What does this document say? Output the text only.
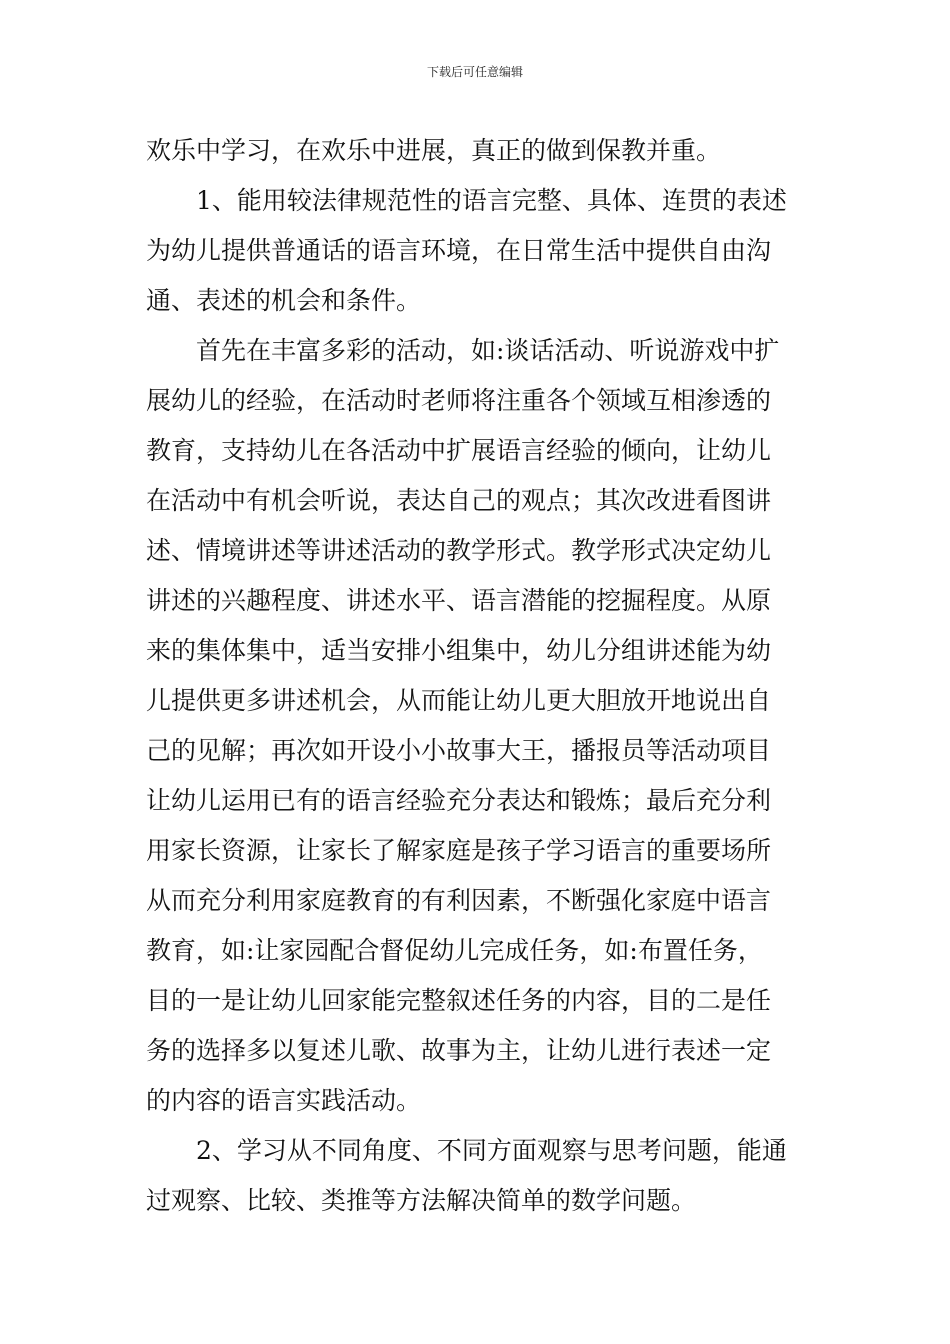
下载后可任意编辑
欢乐中学习，在欢乐中进展，真正的做到保教并重。
1、能用较法律规范性的语言完整、具体、连贯的表述
为幼儿提供普通话的语言环境，在日常生活中提供自由沟
通、表述的机会和条件。
首先在丰富多彩的活动，如:谈话活动、听说游戏中扩
展幼儿的经验，在活动时老师将注重各个领域互相渗透的
教育，支持幼儿在各活动中扩展语言经验的倾向，让幼儿
在活动中有机会听说，表达自己的观点；其次改进看图讲
述、情境讲述等讲述活动的教学形式。教学形式决定幼儿
讲述的兴趣程度、讲述水平、语言潜能的挖掘程度。从原
来的集体集中，适当安排小组集中，幼儿分组讲述能为幼
儿提供更多讲述机会，从而能让幼儿更大胆放开地说出自
己的见解；再次如开设小小故事大王，播报员等活动项目
让幼儿运用已有的语言经验充分表达和锻炼；最后充分利
用家长资源，让家长了解家庭是孩子学习语言的重要场所
从而充分利用家庭教育的有利因素，不断强化家庭中语言
教育，如:让家园配合督促幼儿完成任务，如:布置任务，
目的一是让幼儿回家能完整叙述任务的内容，目的二是任
务的选择多以复述儿歌、故事为主，让幼儿进行表述一定
的内容的语言实践活动。
2、学习从不同角度、不同方面观察与思考问题，能通
过观察、比较、类推等方法解决简单的数学问题。
